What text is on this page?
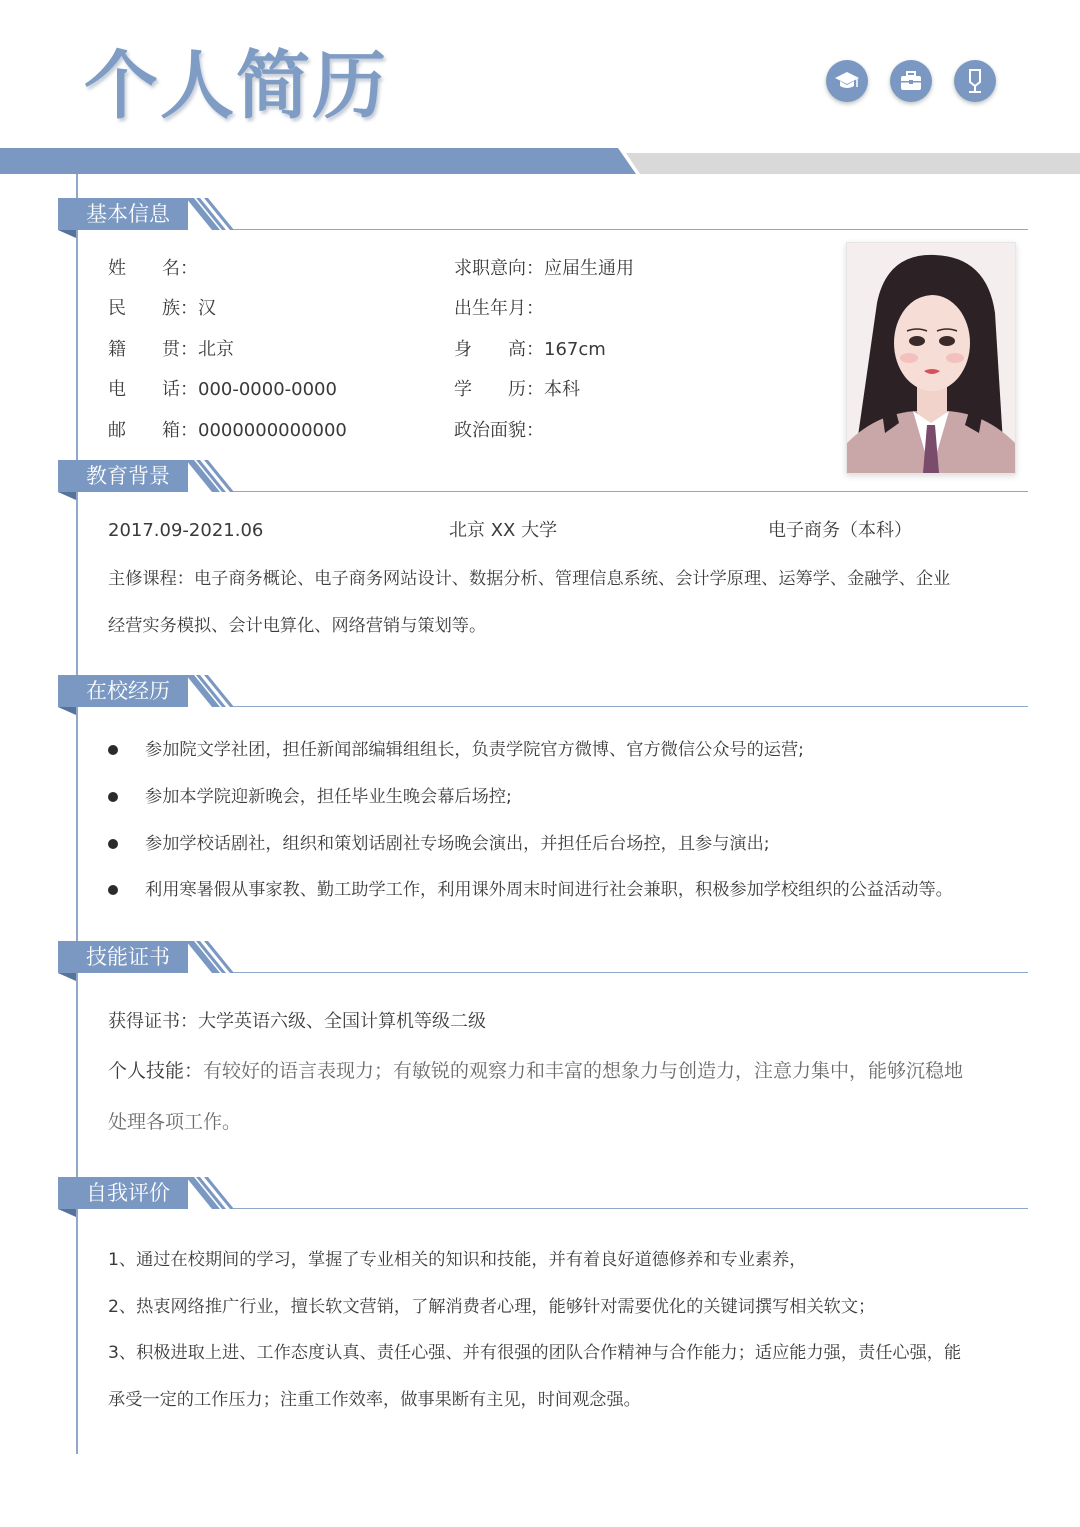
个人简历
基本信息
姓　　名：
民　　族：汉
籍　　贯：北京
电　　话：000-0000-0000
邮　　箱：0000000000000
求职意向：应届生通用
出生年月：
身　　高：167cm
学　　历：本科
政治面貌：
教育背景
2017.09-2021.06	北京 XX 大学	电子商务（本科）
主修课程：电子商务概论、电子商务网站设计、数据分析、管理信息系统、会计学原理、运筹学、金融学、企业
经营实务模拟、会计电算化、网络营销与策划等。
在校经历
参加院文学社团，担任新闻部编辑组组长，负责学院官方微博、官方微信公众号的运营;
参加本学院迎新晚会，担任毕业生晚会幕后场控;
参加学校话剧社，组织和策划话剧社专场晚会演出，并担任后台场控，且参与演出;
利用寒暑假从事家教、勤工助学工作，利用课外周末时间进行社会兼职，积极参加学校组织的公益活动等。
技能证书
获得证书：大学英语六级、全国计算机等级二级
个人技能：有较好的语言表现力；有敏锐的观察力和丰富的想象力与创造力，注意力集中，能够沉稳地
处理各项工作。
自我评价
1、通过在校期间的学习，掌握了专业相关的知识和技能，并有着良好道德修养和专业素养，
2、热衷网络推广行业，擅长软文营销，了解消费者心理，能够针对需要优化的关键词撰写相关软文；
3、积极进取上进、工作态度认真、责任心强、并有很强的团队合作精神与合作能力；适应能力强，责任心强，能
承受一定的工作压力；注重工作效率，做事果断有主见，时间观念强。
